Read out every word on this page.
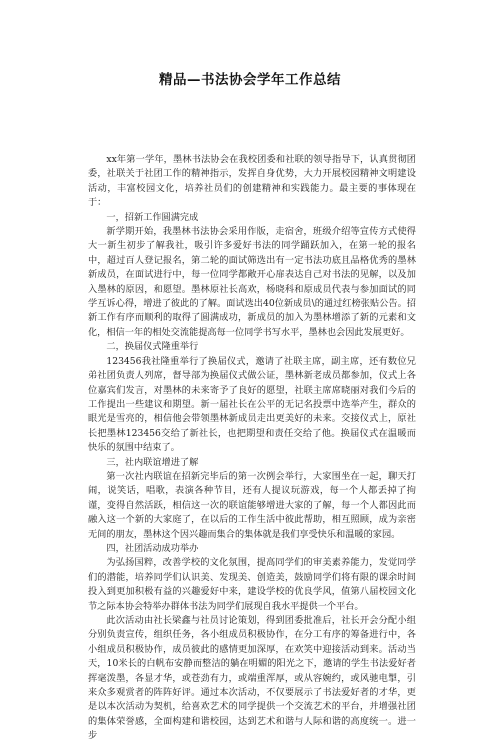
精品—书法协会学年工作总结

xx年第一学年，墨林书法协会在我校团委和社联的领导指导下，认真贯彻团委，社联关于社团工作的精神指示，发挥自身优势，大力开展校园精神文明建设活动，丰富校园文化，培养社员们的创建精神和实践能力。最主要的事体现在于：

一，招新工作圆满完成

新学期开始，我墨林书法协会采用作版，走宿舍，班级介绍等宣传方式使得大一新生初步了解我社，吸引许多爱好书法的同学踊跃加入，在第一轮的报名中，超过百人登记报名，第二轮的面试筛选出有一定书法功底且品格优秀的墨林新成员，在面试进行中，每一位同学都敞开心扉表达自己对书法的见解，以及加入墨林的原因，和愿望。墨林原社长高欢，杨晓科和原成员代表与参加面试的同学互诉心得，增进了彼此的了解。面试选出40位新成员\的通过红榜张贴公告。招新工作有序而顺利的取得了圆满成功，新成员的加入为墨林增添了新的元素和文化，相信一年的相处交流能提高每一位同学书写水平，墨林也会因此发展更好。

二，换届仪式隆重举行

123456我社隆重举行了换届仪式，邀请了社联主席，副主席，还有数位兄弟社团负责人列席，督导部为换届仪式做公证，墨林新老成员都参加，仪式上各位嘉宾们发言，对墨林的未来寄予了良好的愿望，社联主席席晓丽对我们今后的工作提出一些建议和期望。新一届社长在公平的无记名投票中选举产生，群众的眼光是雪亮的，相信他会带领墨林新成员走出更美好的未来。交接仪式上，原社长把墨林123456交给了新社长，也把期望和责任交给了他。换届仪式在温暖而快乐的氛围中结束了。

三，社内联谊增进了解

第一次社内联谊在招新完毕后的第一次例会举行，大家围坐在一起，聊天打闹，说笑话，唱歌，表演各种节目，还有人提议玩游戏，每一个人都丢掉了拘谨，变得自然活跃，相信这一次的联谊能够增进大家的了解，每一个人都因此而融入这一个新的大家庭了，在以后的工作生活中彼此帮助，相互照顾，成为亲密无间的朋友，墨林这个因兴趣而集合的集体就是我们享受快乐和温暖的家园。

四，社团活动成功举办

为弘扬国粹，改善学校的文化氛围，提高同学们的审美素养能力，发觉同学们的潜能，培养同学们认识美、发现美、创造美，鼓励同学们将有限的课余时间投入到更加积极有益的兴趣爱好中来，建设学校的优良学风，值第八届校园文化节之际本协会特举办群体书法为同学们展现自我水平提供一个平台。

此次活动由社长梁鑫与社员讨论策划，得到团委批准后，社长开会分配小组分别负责宣传，组织任务，各小组成员积极协作，在分工有序的筹备进行中，各小组成员积极协作，成员彼此的感情更加深厚，在欢笑中迎接活动到来。活动当天，10米长的白帆布安静而整洁的躺在明媚的阳光之下，邀请的学生书法爱好者挥毫泼墨，各显才华，或苍劲有力，或端重浑厚，或从容婉约，或风驰电掣，引来众多观赏者的阵阵好评。通过本次活动，不仅要展示了书法爱好者的才华，更是以本次活动为契机，给喜欢艺术的同学提供一个交流艺术的平台，并增强社团的集体荣誉感，全面构建和谐校园，达到艺术和谐与人际和谐的高度统一。进一步
